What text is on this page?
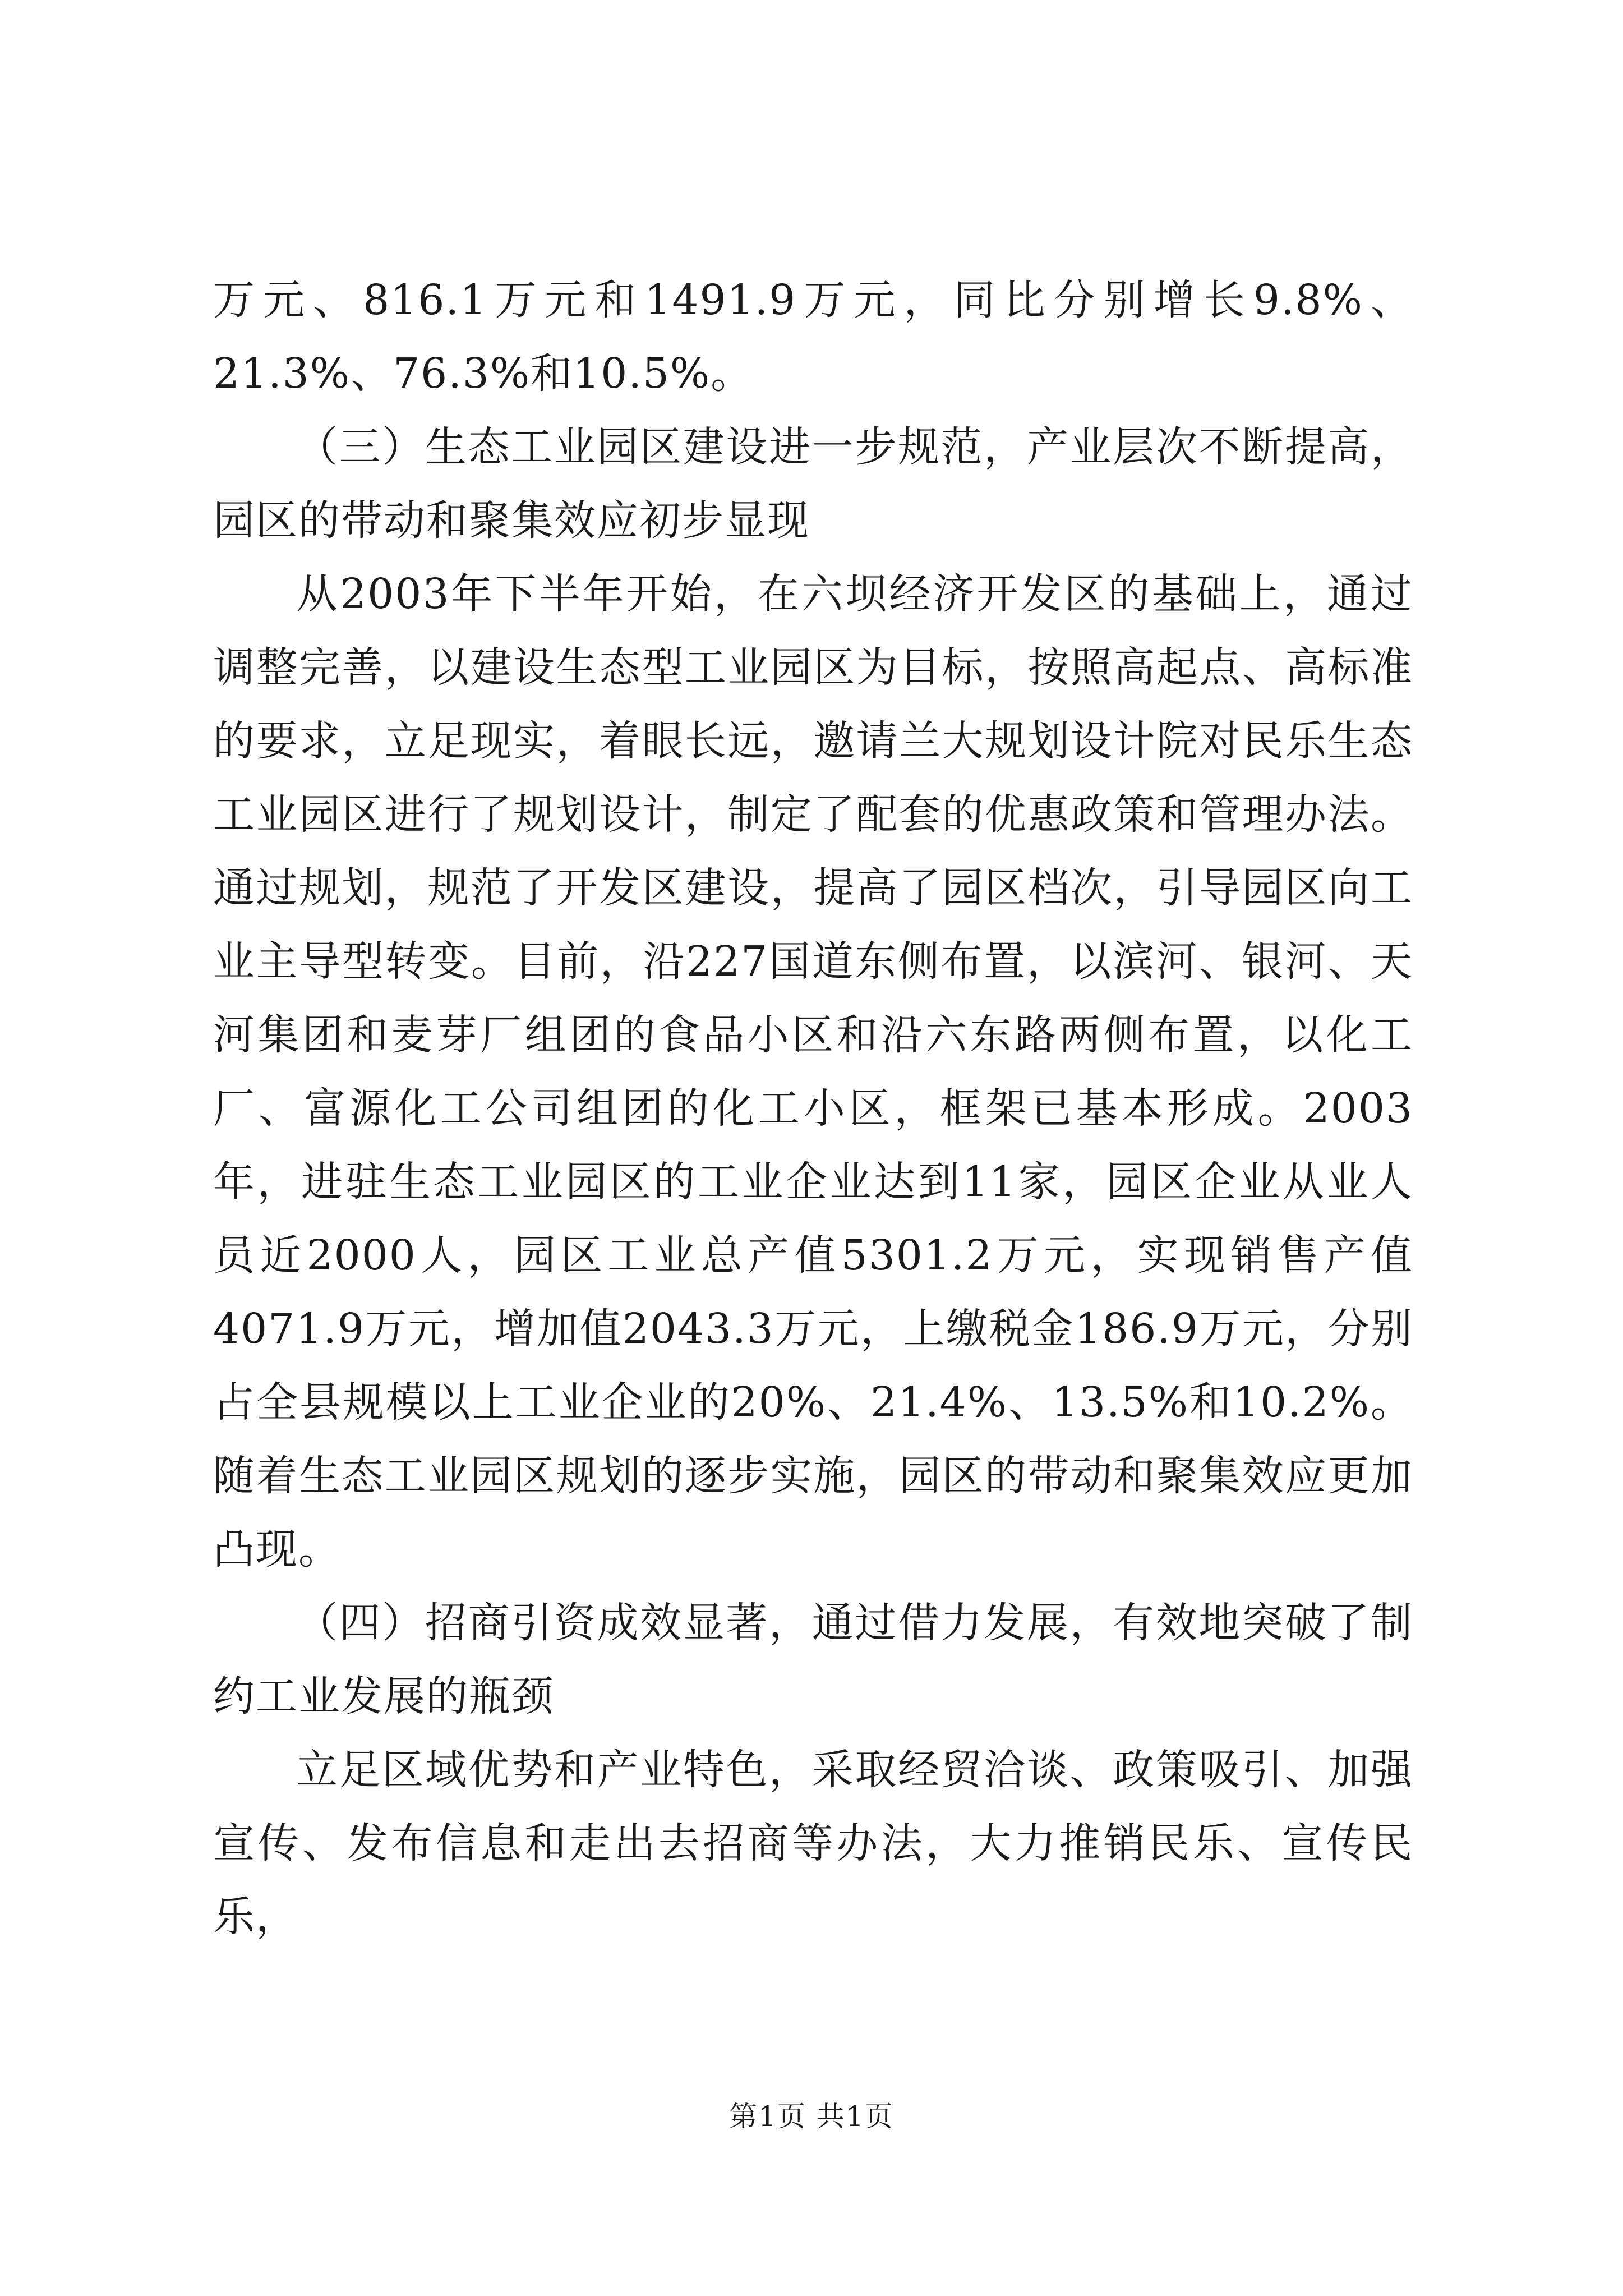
万元、816.1万元和1491.9万元，同比分别增长9.8%、21.3%、76.3%和10.5%。

（三）生态工业园区建设进一步规范，产业层次不断提高，园区的带动和聚集效应初步显现

从2003年下半年开始，在六坝经济开发区的基础上，通过调整完善，以建设生态型工业园区为目标，按照高起点、高标准的要求，立足现实，着眼长远，邀请兰大规划设计院对民乐生态工业园区进行了规划设计，制定了配套的优惠政策和管理办法。通过规划，规范了开发区建设，提高了园区档次，引导园区向工业主导型转变。目前，沿227国道东侧布置，以滨河、银河、天河集团和麦芽厂组团的食品小区和沿六东路两侧布置，以化工厂、富源化工公司组团的化工小区，框架已基本形成。2003年，进驻生态工业园区的工业企业达到11家，园区企业从业人员近2000人，园区工业总产值5301.2万元，实现销售产值4071.9万元，增加值2043.3万元，上缴税金186.9万元，分别占全县规模以上工业企业的20%、21.4%、13.5%和10.2%。随着生态工业园区规划的逐步实施，园区的带动和聚集效应更加凸现。

（四）招商引资成效显著，通过借力发展，有效地突破了制约工业发展的瓶颈

立足区域优势和产业特色，采取经贸洽谈、政策吸引、加强宣传、发布信息和走出去招商等办法，大力推销民乐、宣传民乐，

第1页 共1页
